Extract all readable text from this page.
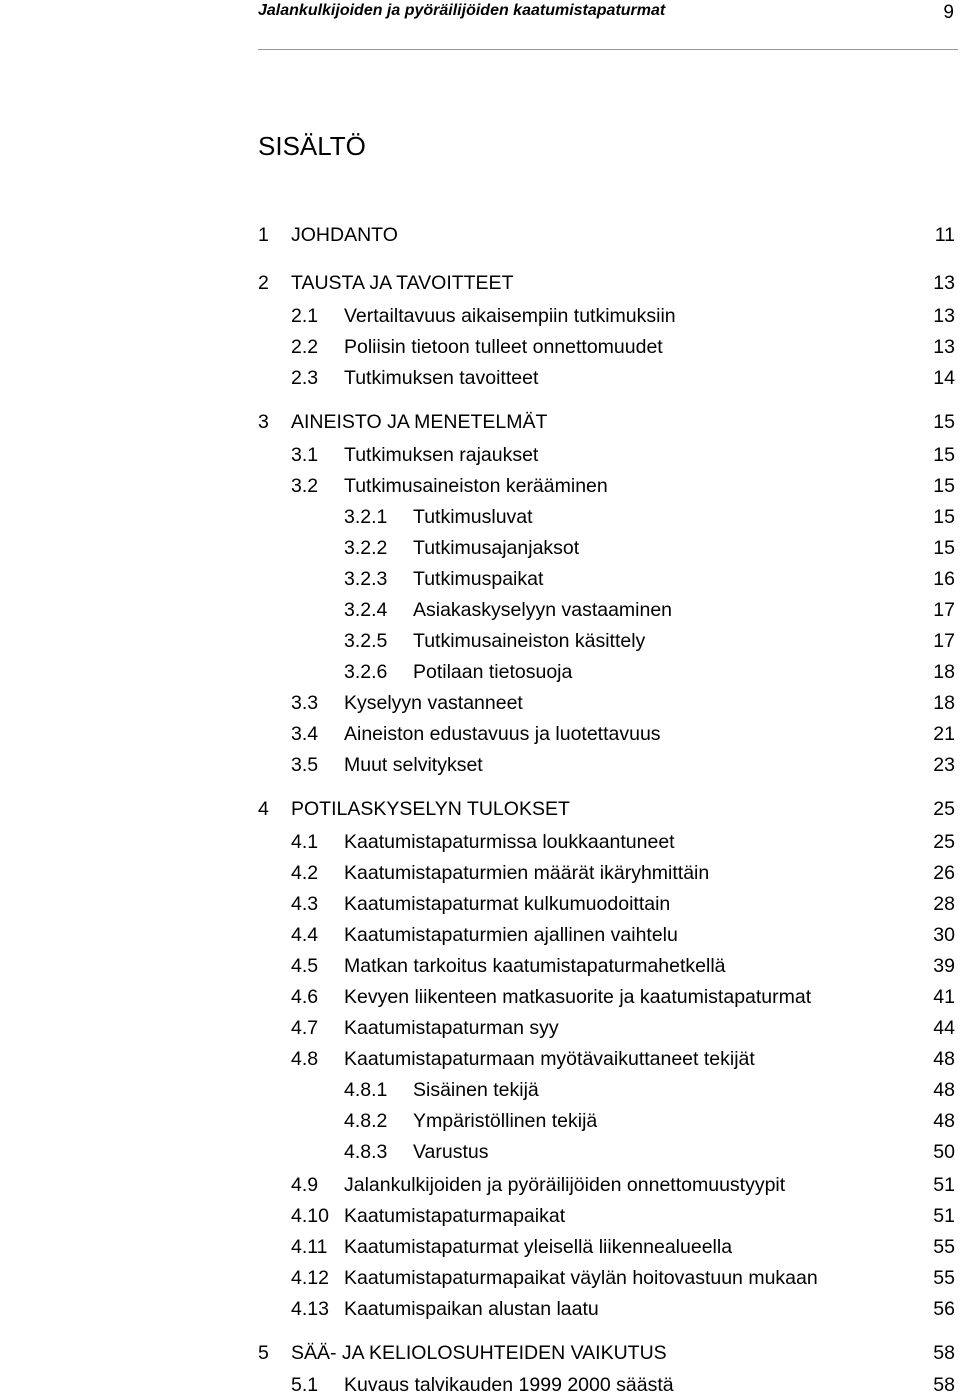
Jalankulkijoiden ja pyöräilijöiden kaatumistapaturmat	9
SISÄLTÖ
1 JOHDANTO	11
2 TAUSTA JA TAVOITTEET	13
2.1 Vertailtavuus aikaisempiin tutkimuksiin	13
2.2 Poliisin tietoon tulleet onnettomuudet	13
2.3 Tutkimuksen tavoitteet	14
3 AINEISTO JA MENETELMÄT	15
3.1 Tutkimuksen rajaukset	15
3.2 Tutkimusaineiston kerääminen	15
3.2.1 Tutkimusluvat	15
3.2.2 Tutkimusajanjaksot	15
3.2.3 Tutkimuspaikat	16
3.2.4 Asiakaskyselyyn vastaaminen	17
3.2.5 Tutkimusaineiston käsittely	17
3.2.6 Potilaan tietosuoja	18
3.3 Kyselyyn vastanneet	18
3.4 Aineiston edustavuus ja luotettavuus	21
3.5 Muut selvitykset	23
4 POTILASKYSELYN TULOKSET	25
4.1 Kaatumistapaturmissa loukkaantuneet	25
4.2 Kaatumistapaturmien määrät ikäryhmittäin	26
4.3 Kaatumistapaturmat kulkumuodoittain	28
4.4 Kaatumistapaturmien ajallinen vaihtelu	30
4.5 Matkan tarkoitus kaatumistapaturmahetkellä	39
4.6 Kevyen liikenteen matkasuorite ja kaatumistapaturmat	41
4.7 Kaatumistapaturman syy	44
4.8 Kaatumistapaturmaan myötävaikuttaneet tekijät	48
4.8.1 Sisäinen tekijä	48
4.8.2 Ympäristöllinen tekijä	48
4.8.3 Varustus	50
4.9 Jalankulkijoiden ja pyöräilijöiden onnettomuustyypit	51
4.10 Kaatumistapaturmapaikat	51
4.11 Kaatumistapaturmat yleisellä liikennealueella	55
4.12 Kaatumistapaturmapaikat väylän hoitovastuun mukaan	55
4.13 Kaatumispaikan alustan laatu	56
5 SÄÄ- JA KELIOLOSUHTEIDEN VAIKUTUS	58
5.1 Kuvaus talvikauden 1999 2000 säästä	58
